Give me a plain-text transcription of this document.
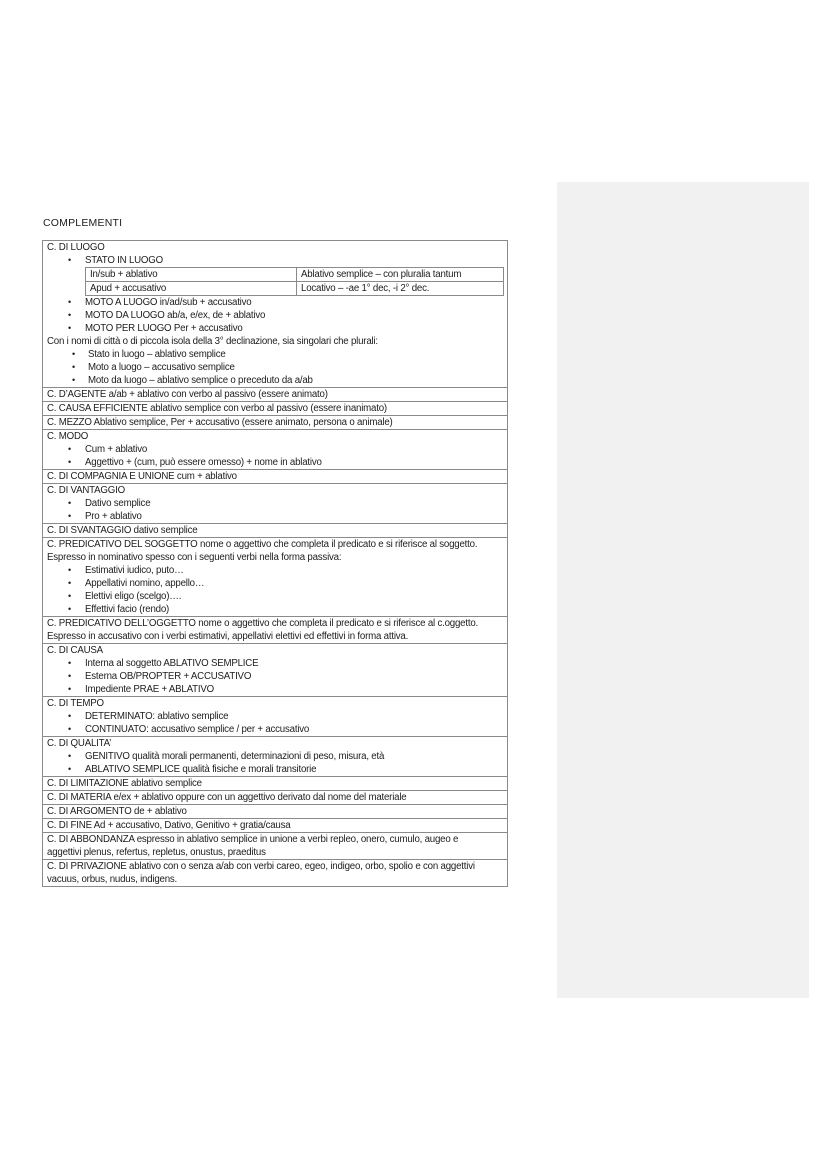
COMPLEMENTI
C. DI LUOGO
• STATO IN LUOGO
In/sub + ablativo	Ablativo semplice – con pluralia tantum
Apud + accusativo	Locativo – -ae 1° dec, -i 2° dec.
• MOTO A LUOGO in/ad/sub + accusativo
• MOTO DA LUOGO ab/a, e/ex, de + ablativo
• MOTO PER LUOGO Per + accusativo
Con i nomi di città o di piccola isola della 3° declinazione, sia singolari che plurali:
• Stato in luogo – ablativo semplice
• Moto a luogo – accusativo semplice
• Moto da luogo – ablativo semplice o preceduto da a/ab
C. D’AGENTE a/ab + ablativo con verbo al passivo (essere animato)
C. CAUSA EFFICIENTE ablativo semplice con verbo al passivo (essere inanimato)
C. MEZZO Ablativo semplice, Per + accusativo (essere animato, persona o animale)
C. MODO
• Cum + ablativo
• Aggettivo + (cum, può essere omesso) + nome in ablativo
C. DI COMPAGNIA E UNIONE cum + ablativo
C. DI VANTAGGIO
• Dativo semplice
• Pro + ablativo
C. DI SVANTAGGIO dativo semplice
C. PREDICATIVO DEL SOGGETTO nome o aggettivo che completa il predicato e si riferisce al soggetto.
Espresso in nominativo spesso con i seguenti verbi nella forma passiva:
• Estimativi iudico, puto…
• Appellativi nomino, appello…
• Elettivi eligo (scelgo)….
• Effettivi facio (rendo)
C. PREDICATIVO DELL’OGGETTO nome o aggettivo che completa il predicato e si riferisce al c.oggetto.
Espresso in accusativo con i verbi estimativi, appellativi elettivi ed effettivi in forma attiva.
C. DI CAUSA
• Interna al soggetto ABLATIVO SEMPLICE
• Esterna OB/PROPTER + ACCUSATIVO
• Impediente PRAE + ABLATIVO
C. DI TEMPO
• DETERMINATO: ablativo semplice
• CONTINUATO: accusativo semplice / per + accusativo
C. DI QUALITA’
• GENITIVO qualità morali permanenti, determinazioni di peso, misura, età
• ABLATIVO SEMPLICE qualità fisiche e morali transitorie
C. DI LIMITAZIONE ablativo semplice
C. DI MATERIA e/ex + ablativo oppure con un aggettivo derivato dal nome del materiale
C. DI ARGOMENTO de + ablativo
C. DI FINE Ad + accusativo, Dativo, Genitivo + gratia/causa
C. DI ABBONDANZA espresso in ablativo semplice in unione a verbi repleo, onero, cumulo, augeo e
aggettivi plenus, refertus, repletus, onustus, praeditus
C. DI PRIVAZIONE ablativo con o senza a/ab con verbi careo, egeo, indigeo, orbo, spolio e con aggettivi
vacuus, orbus, nudus, indigens.
